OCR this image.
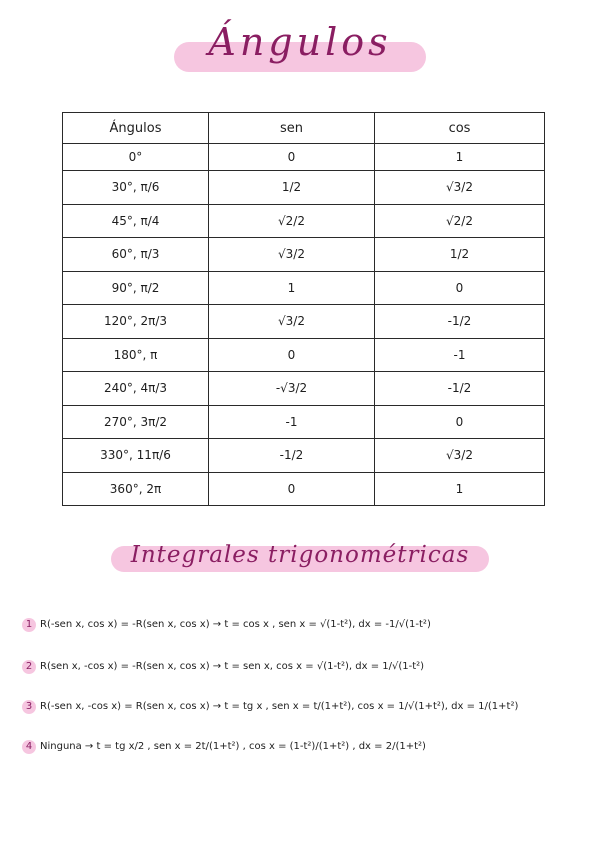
Ángulos
Ángulos	sen	cos
0°	0	1
30°, π/6	1/2	√3/2
45°, π/4	√2/2	√2/2
60°, π/3	√3/2	1/2
90°, π/2	1	0
120°, 2π/3	√3/2	-1/2
180°, π	0	-1
240°, 4π/3	-√3/2	-1/2
270°, 3π/2	-1	0
330°, 11π/6	-1/2	√3/2
360°, 2π	0	1
Integrales trigonométricas
1 R(-sen x, cos x) = -R(sen x, cos x) → t = cos x , sen x = √(1-t²), dx = -1/√(1-t²)
2 R(sen x, -cos x) = -R(sen x, cos x) → t = sen x, cos x = √(1-t²), dx = 1/√(1-t²)
3 R(-sen x, -cos x) = R(sen x, cos x) → t = tg x , sen x = t/(1+t²), cos x = 1/√(1+t²), dx = 1/(1+t²)
4 Ninguna → t = tg x/2 , sen x = 2t/(1+t²) , cos x = (1-t²)/(1+t²) , dx = 2/(1+t²)
